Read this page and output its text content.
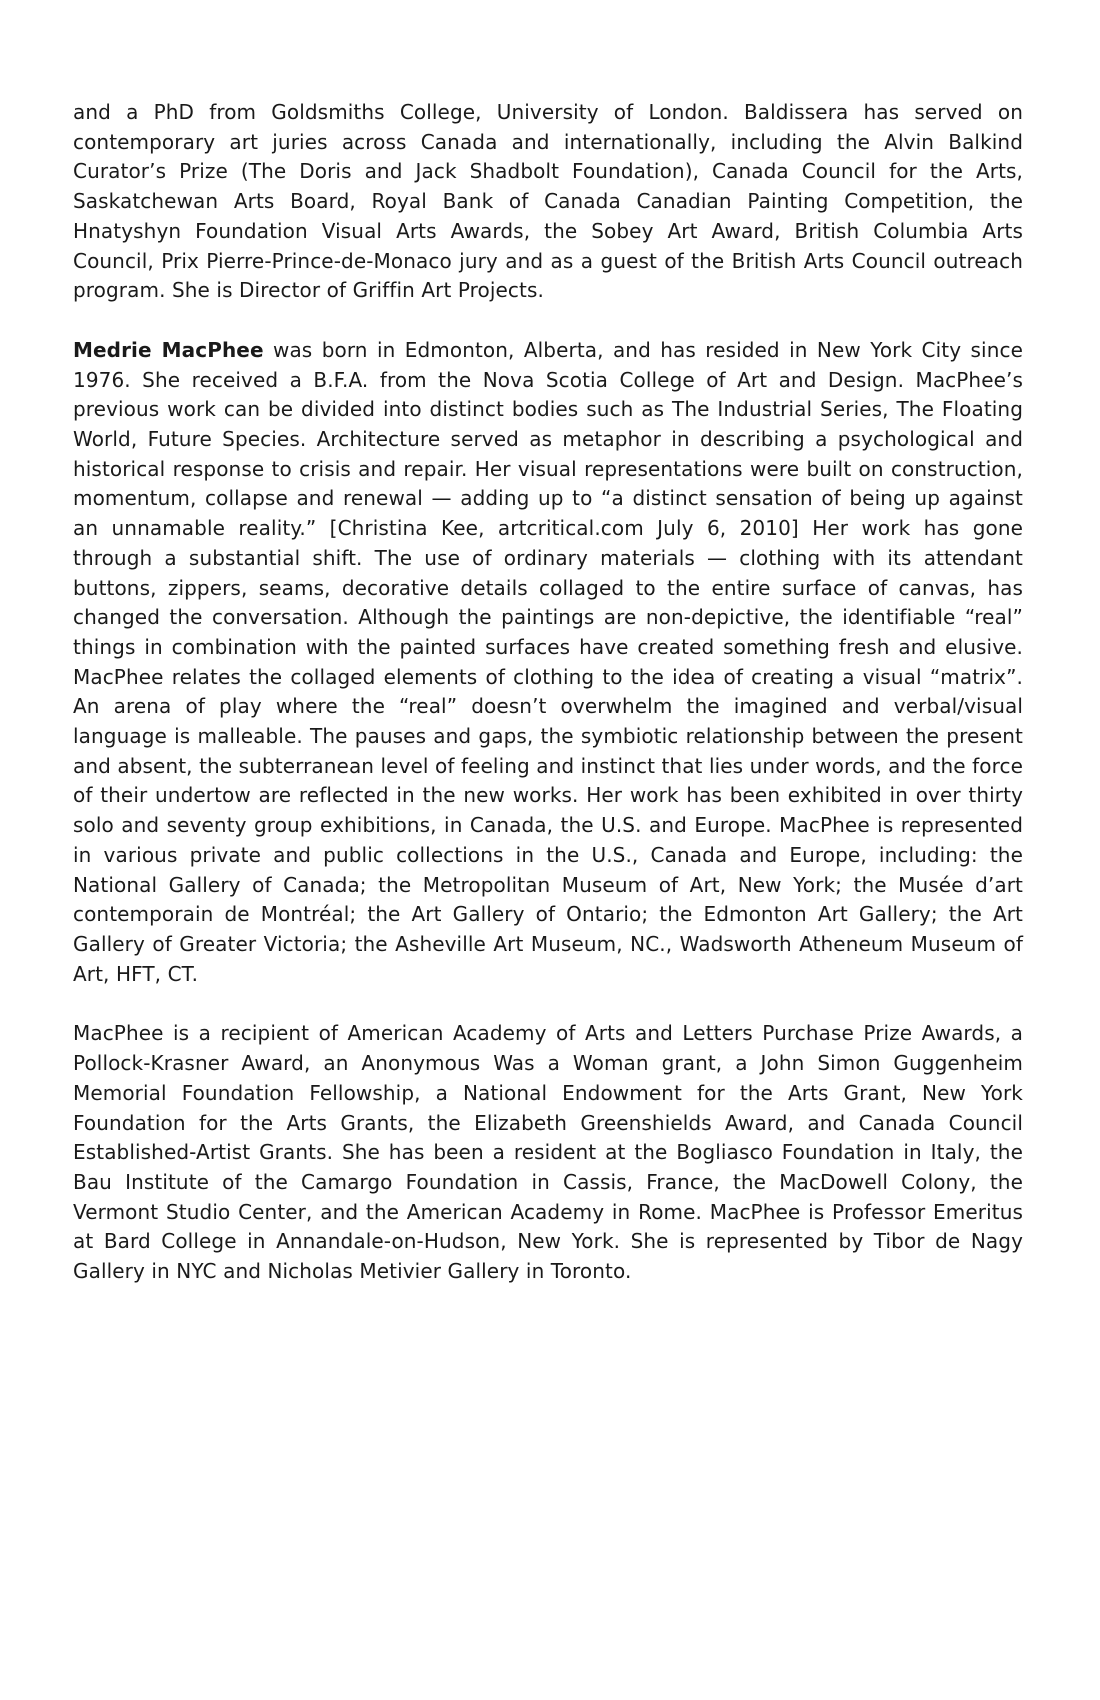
and a PhD from Goldsmiths College, University of London. Baldissera has served on contemporary art juries across Canada and internationally, including the Alvin Balkind Curator’s Prize (The Doris and Jack Shadbolt Foundation), Canada Council for the Arts, Saskatchewan Arts Board, Royal Bank of Canada Canadian Painting Competition, the Hnatyshyn Foundation Visual Arts Awards, the Sobey Art Award, British Columbia Arts Council, Prix Pierre-Prince-de-Monaco jury and as a guest of the British Arts Council outreach program. She is Director of Griffin Art Projects.

Medrie MacPhee was born in Edmonton, Alberta, and has resided in New York City since 1976. She received a B.F.A. from the Nova Scotia College of Art and Design. MacPhee’s previous work can be divided into distinct bodies such as The Industrial Series, The Floating World, Future Species. Architecture served as metaphor in describing a psychological and historical response to crisis and repair. Her visual representations were built on construction, momentum, collapse and renewal — adding up to “a distinct sensation of being up against an unnamable reality.” [Christina Kee, artcritical.com July 6, 2010] Her work has gone through a substantial shift. The use of ordinary materials — clothing with its attendant buttons, zippers, seams, decorative details collaged to the entire surface of canvas, has changed the conversation. Although the paintings are non-depictive, the identifiable “real” things in combination with the painted surfaces have created something fresh and elusive. MacPhee relates the collaged elements of clothing to the idea of creating a visual “matrix”. An arena of play where the “real” doesn’t overwhelm the imagined and verbal/visual language is malleable. The pauses and gaps, the symbiotic relationship between the present and absent, the subterranean level of feeling and instinct that lies under words, and the force of their undertow are reflected in the new works. Her work has been exhibited in over thirty solo and seventy group exhibitions, in Canada, the U.S. and Europe. MacPhee is represented in various private and public collections in the U.S., Canada and Europe, including: the National Gallery of Canada; the Metropolitan Museum of Art, New York; the Musée d’art contemporain de Montréal; the Art Gallery of Ontario; the Edmonton Art Gallery; the Art Gallery of Greater Victoria; the Asheville Art Museum, NC., Wadsworth Atheneum Museum of Art, HFT, CT.

MacPhee is a recipient of American Academy of Arts and Letters Purchase Prize Awards, a Pollock-Krasner Award, an Anonymous Was a Woman grant, a John Simon Guggenheim Memorial Foundation Fellowship, a National Endowment for the Arts Grant, New York Foundation for the Arts Grants, the Elizabeth Greenshields Award, and Canada Council Established-Artist Grants. She has been a resident at the Bogliasco Foundation in Italy, the Bau Institute of the Camargo Foundation in Cassis, France, the MacDowell Colony, the Vermont Studio Center, and the American Academy in Rome. MacPhee is Professor Emeritus at Bard College in Annandale-on-Hudson, New York. She is represented by Tibor de Nagy Gallery in NYC and Nicholas Metivier Gallery in Toronto.
